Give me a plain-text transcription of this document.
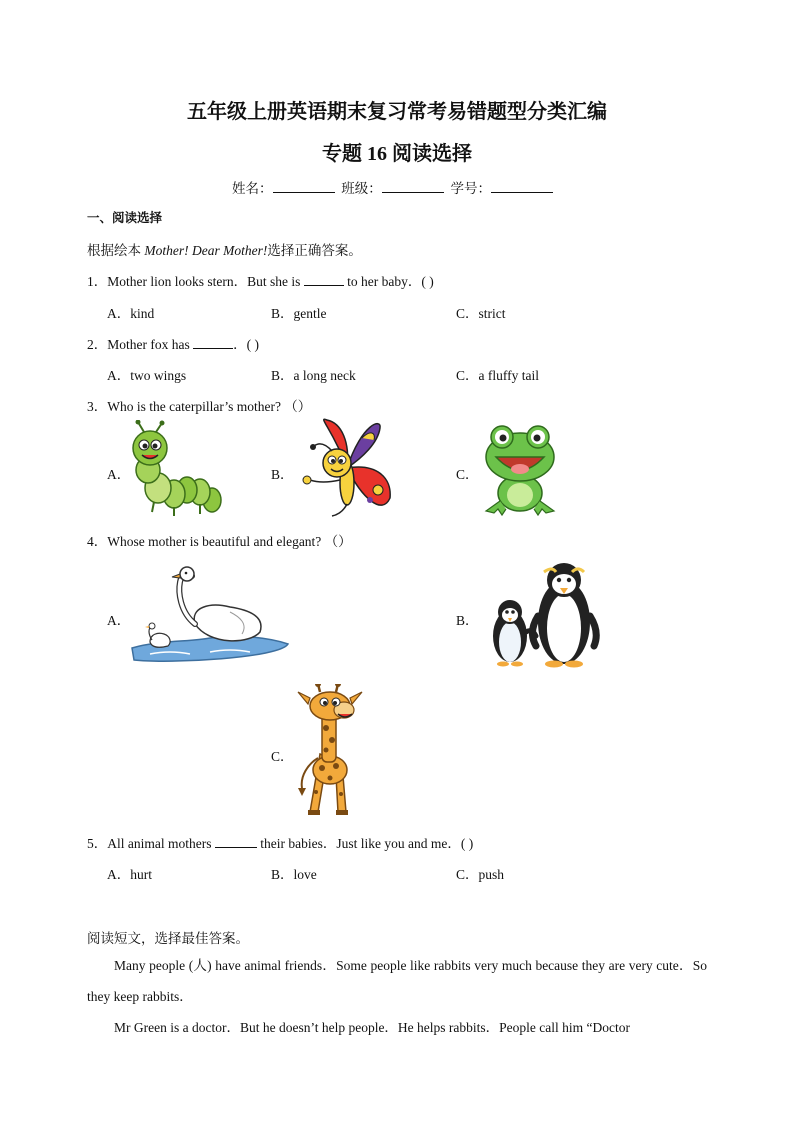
五年级上册英语期末复习常考易错题型分类汇编
专题 16 阅读选择
姓名：	班级：	学号：
一、阅读选择
根据绘本 Mother! Dear Mother!选择正确答案。
1．Mother lion looks stern．But she is	to her baby．( )
A．kind	B．gentle	C．strict
2．Mother fox has	．( )
A．two wings	B．a long neck	C．a fluffy tail
3．Who is the caterpillar’s mother? （）
A．	B．	C．
4．Whose mother is beautiful and elegant? （）
A．	B．
C．
5．All animal mothers	their babies．Just like you and me．( )
A．hurt	B．love	C．push
阅读短文，选择最佳答案。
Many people (人) have animal friends．Some people like rabbits very much because they are very cute．So they keep rabbits．
Mr Green is a doctor．But he doesn’t help people．He helps rabbits．People call him “Doctor
